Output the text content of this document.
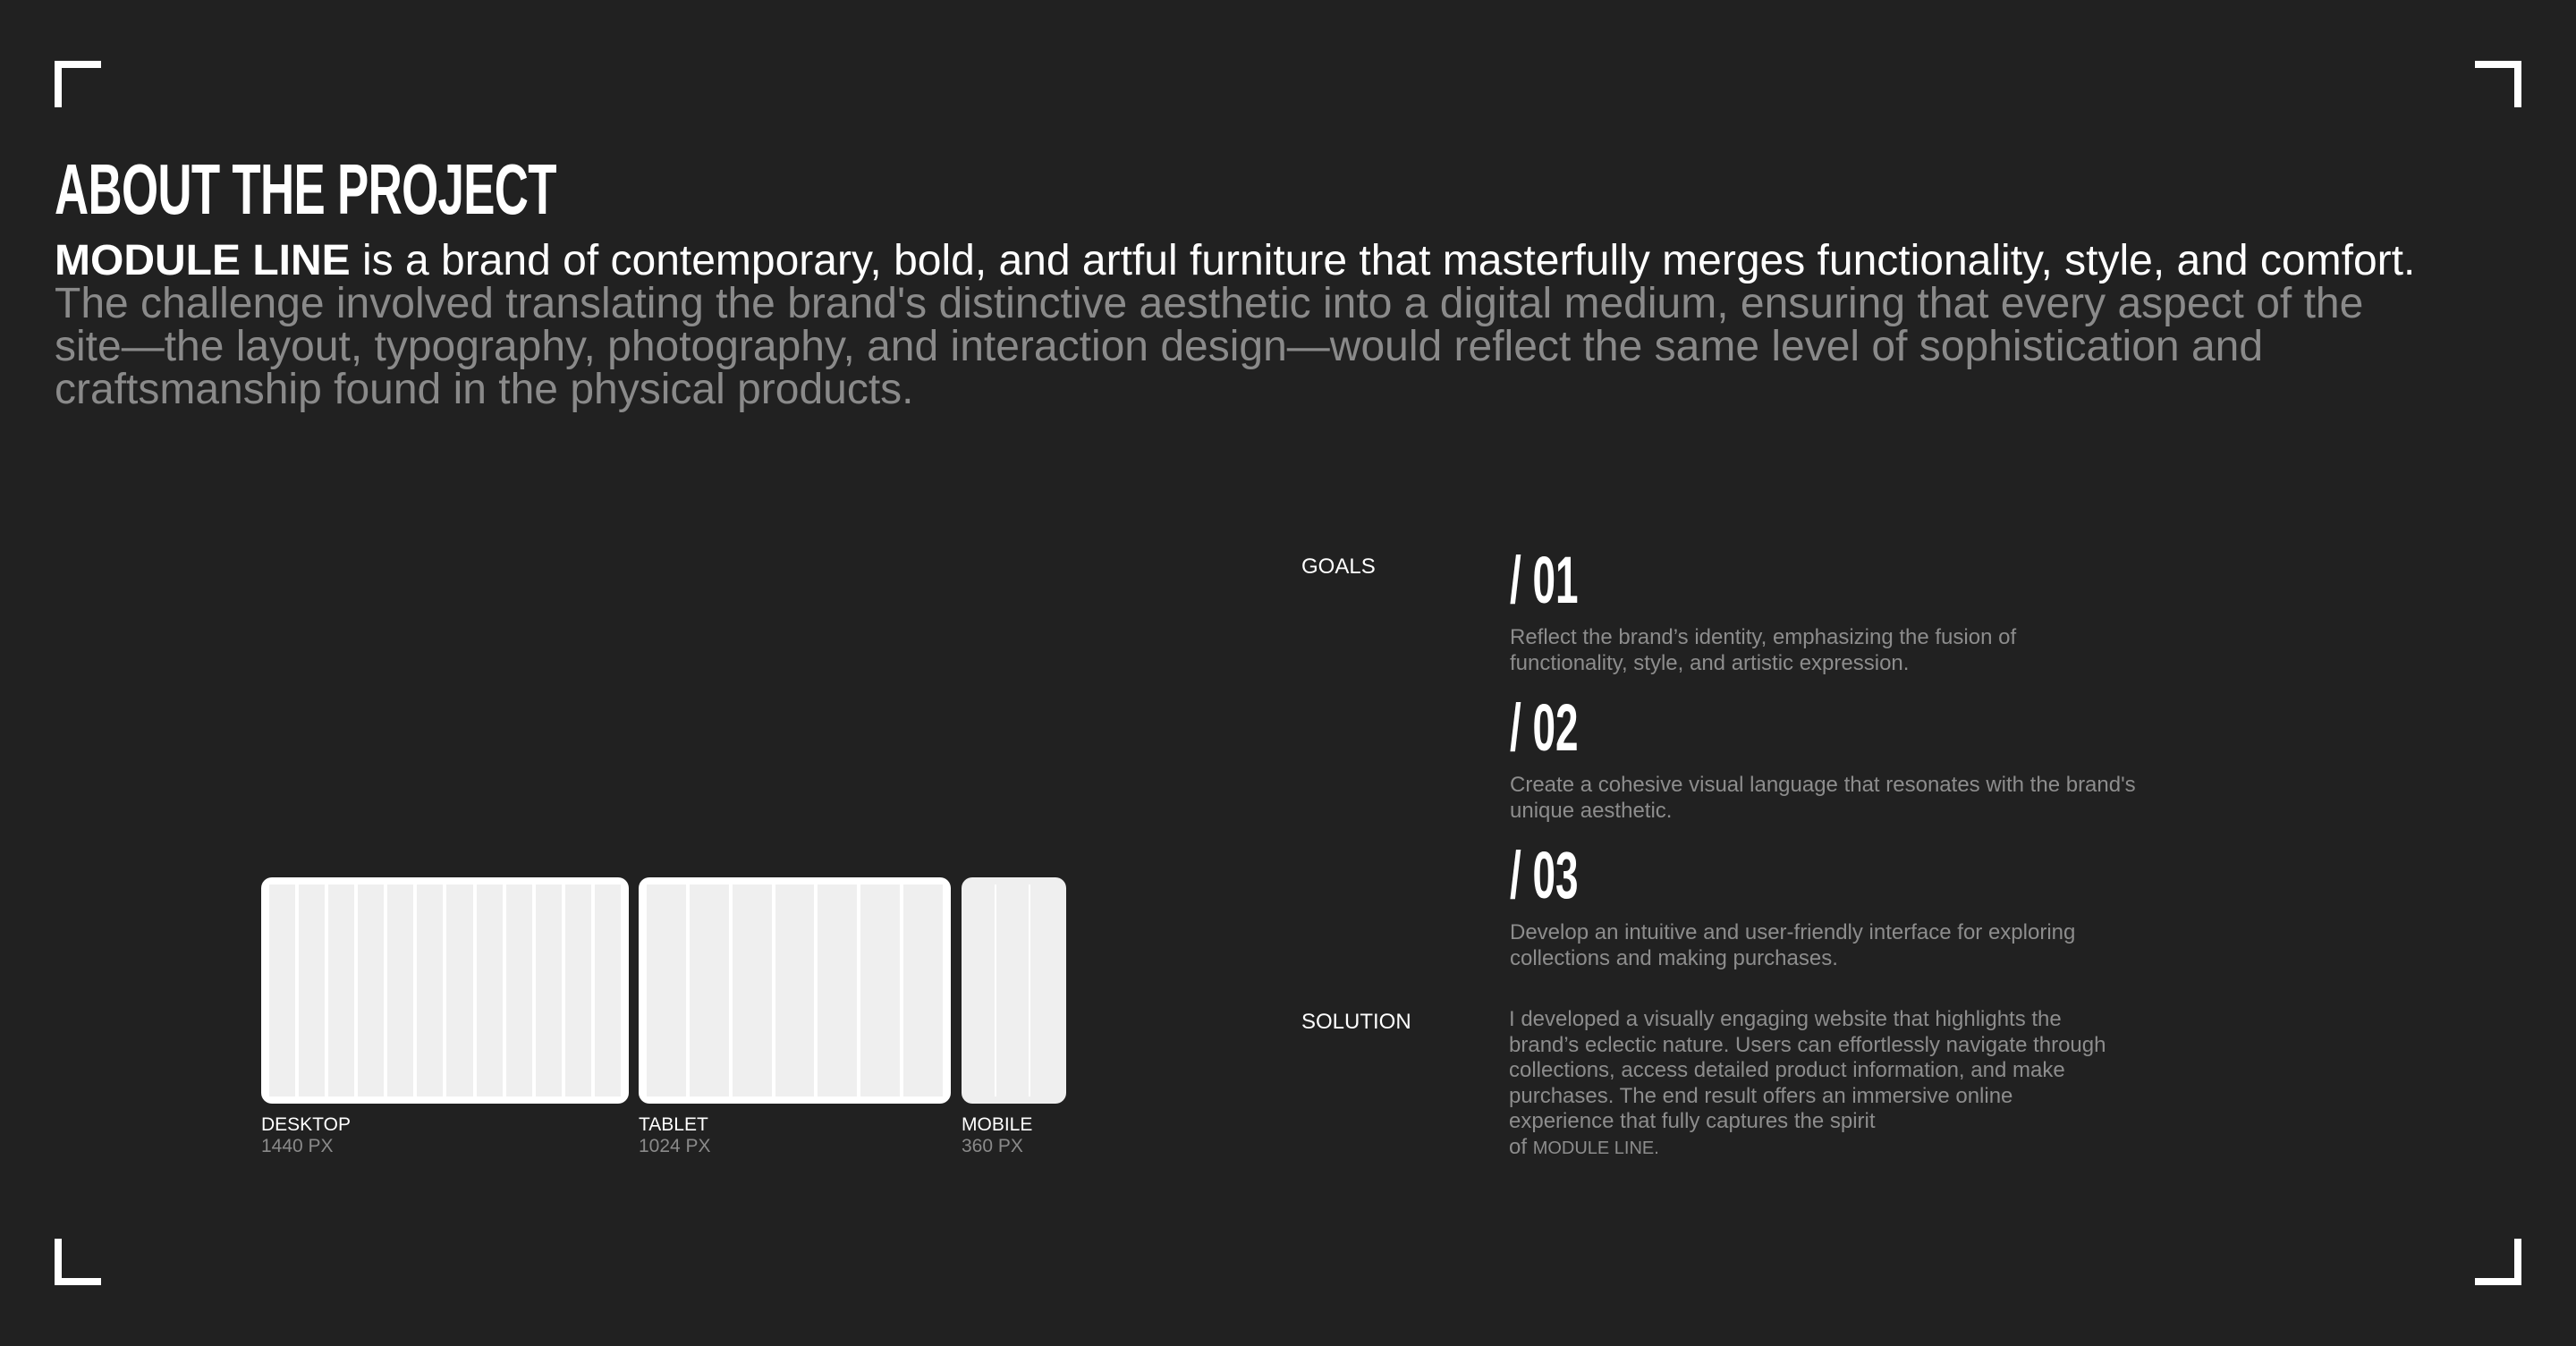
ABOUT THE PROJECT
MODULE LINE is a brand of contemporary, bold, and artful furniture that masterfully merges functionality, style, and comfort. The challenge involved translating the brand's distinctive aesthetic into a digital medium, ensuring that every aspect of the site—the layout, typography, photography, and interaction design—would reflect the same level of sophistication and craftsmanship found in the physical products.
DESKTOP
1440 PX
TABLET
1024 PX
MOBILE
360 PX
GOALS / 01
Reflect the brand’s identity, emphasizing the fusion of functionality, style, and artistic expression.
/ 02
Create a cohesive visual language that resonates with the brand's unique aesthetic.
/ 03
Develop an intuitive and user-friendly interface for exploring collections and making purchases.
SOLUTION	I developed a visually engaging website that highlights the brand’s eclectic nature. Users can effortlessly navigate through collections, access detailed product information, and make purchases. The end result offers an immersive online experience that fully captures the spirit
of MODULE LINE.
